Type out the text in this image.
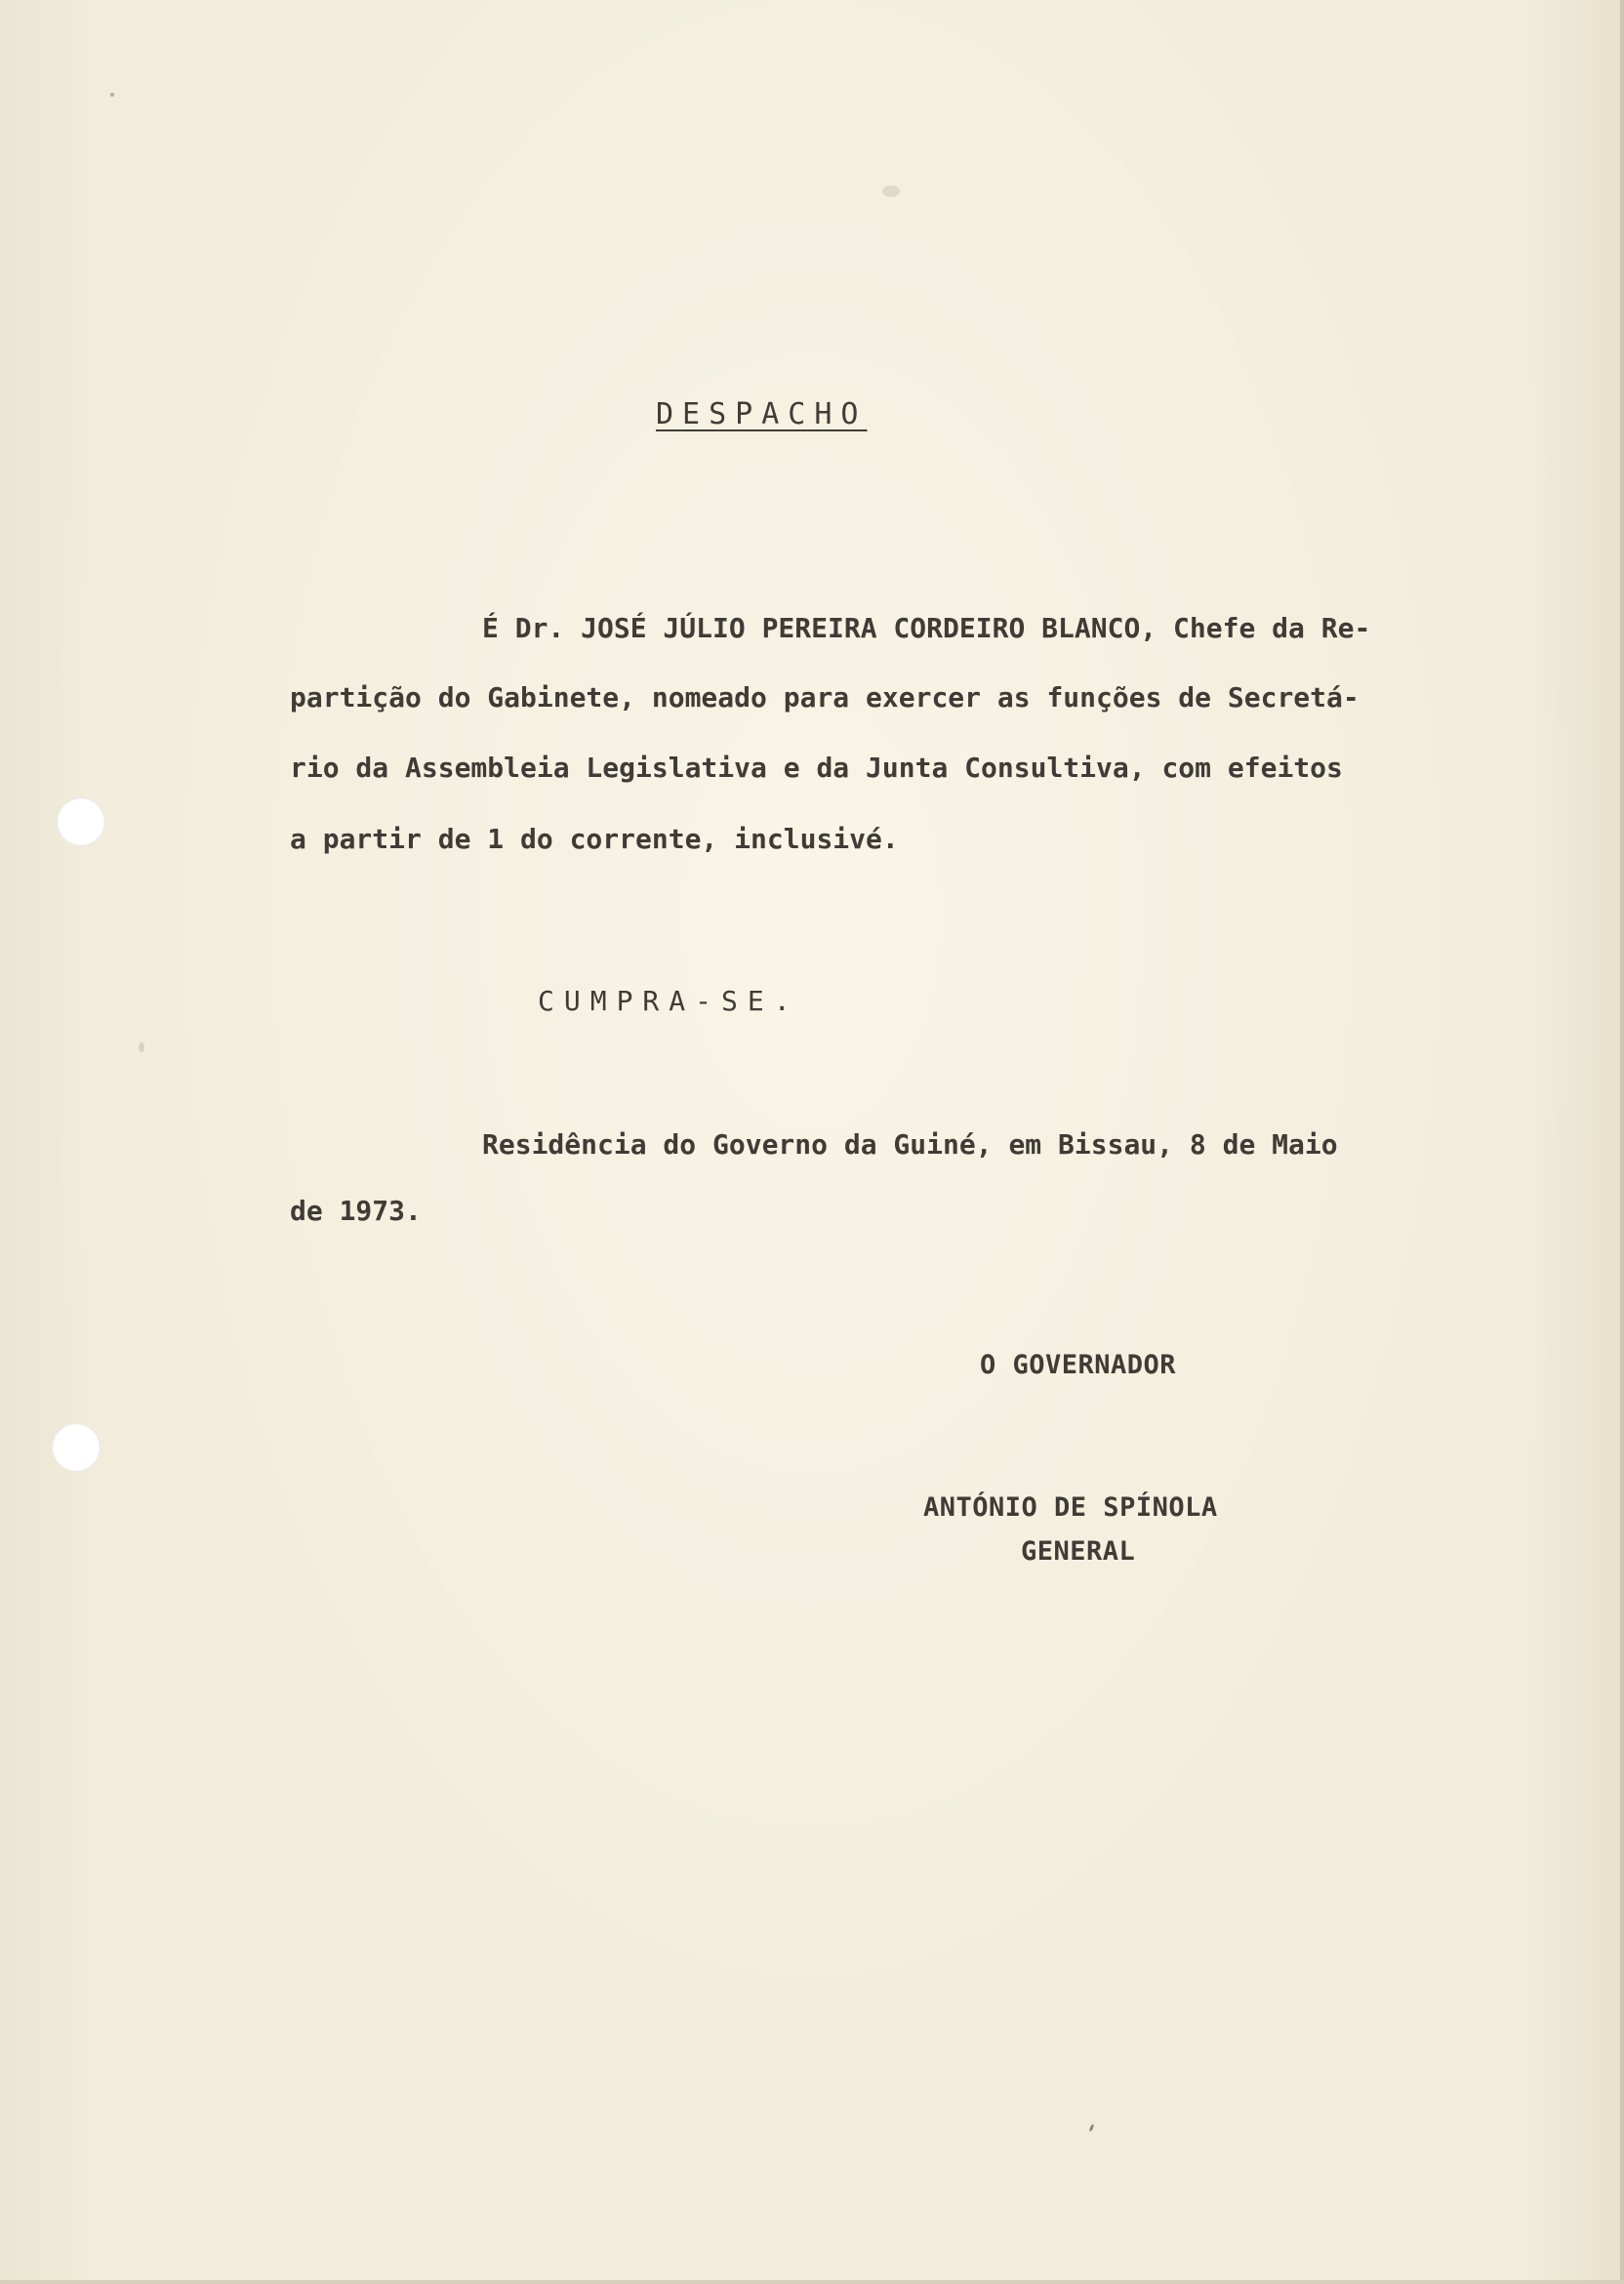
DESPACHO

É Dr. JOSÉ JÚLIO PEREIRA CORDEIRO BLANCO, Chefe da Re-

partição do Gabinete, nomeado para exercer as funções de Secretá-

rio da Assembleia Legislativa e da Junta Consultiva, com efeitos

a partir de 1 do corrente, inclusivé.

CUMPRA-SE.

Residência do Governo da Guiné, em Bissau, 8 de Maio

de 1973.

O GOVERNADOR

ANTÓNIO DE SPÍNOLA

GENERAL
